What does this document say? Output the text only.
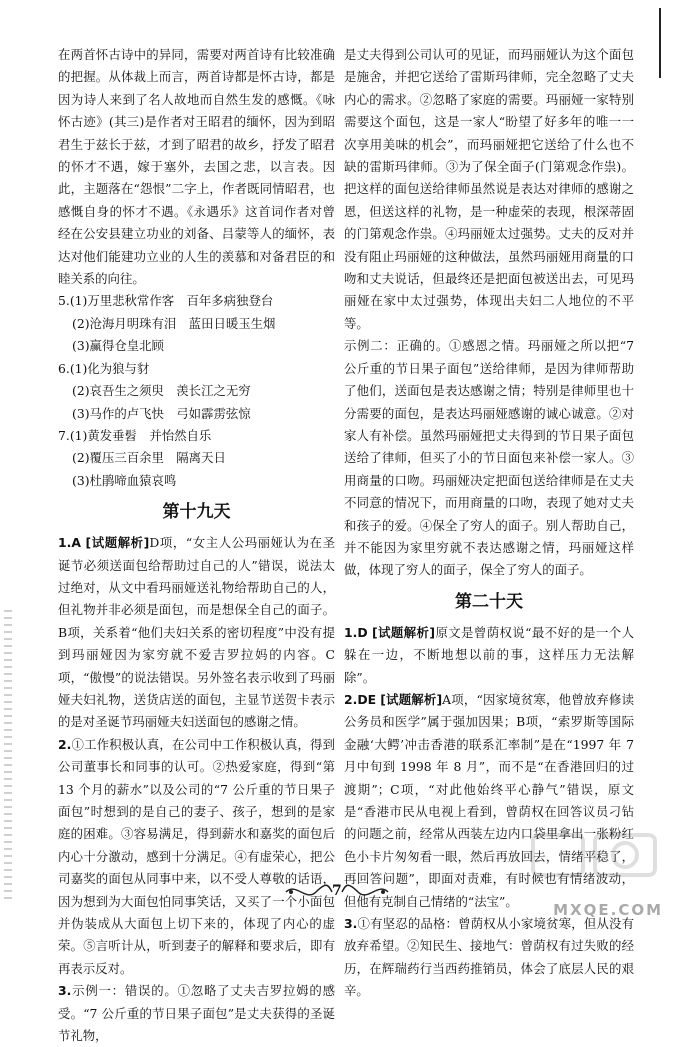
在两首怀古诗中的异同，需要对两首诗有比较准确的把握。从体裁上而言，两首诗都是怀古诗，都是因为诗人来到了名人故地而自然生发的感慨。《咏怀古迹》(其三)是作者对王昭君的缅怀，因为到昭君生于兹长于兹，才到了昭君的故乡，抒发了昭君的怀才不遇，嫁于塞外，去国之悲，以言表。因此，主题落在“怨恨”二字上，作者既同情昭君，也感慨自身的怀才不遇。《永遇乐》这首词作者对曾经在公安县建立功业的刘备、吕蒙等人的缅怀，表达对他们能建功立业的人生的羡慕和对备君臣的和睦关系的向往。

5.(1)万里悲秋常作客　百年多病独登台

(2)沧海月明珠有泪　蓝田日暖玉生烟

(3)赢得仓皇北顾

6.(1)化为狼与豺

(2)哀吾生之须臾　羡长江之无穷

(3)马作的卢飞快　弓如霹雳弦惊

7.(1)黄发垂髫　并怡然自乐

(2)覆压三百余里　隔离天日

(3)杜鹃啼血猿哀鸣

第十九天

1.A [试题解析]D项，“女主人公玛丽娅认为在圣诞节必须送面包给帮助过自己的人”错误，说法太过绝对，从文中看玛丽娅送礼物给帮助自己的人，但礼物并非必须是面包，而是想保全自己的面子。B项，关系着“他们夫妇关系的密切程度”中没有提到玛丽娅因为家穷就不爱吉罗拉妈的内容。C项，“傲慢”的说法错误。另外签名表示收到了玛丽娅夫妇礼物，送货店送的面包，主显节送贺卡表示的是对圣诞节玛丽娅夫妇送面包的感谢之情。

2.①工作积极认真，在公司中工作积极认真，得到公司董事长和同事的认可。②热爱家庭，得到“第 13 个月的薪水”以及公司的“7 公斤重的节日果子面包”时想到的是自己的妻子、孩子，想到的是家庭的困难。③容易满足，得到薪水和嘉奖的面包后内心十分激动，感到十分满足。④有虚荣心，把公司嘉奖的面包从同事中来，以不受人尊敬的话语，因为想到为大面包怕同事笑话，又买了一个小面包并伪装成从大面包上切下来的，体现了内心的虚荣。⑤言听计从，听到妻子的解释和要求后，即有再表示反对。

3.示例一：错误的。①忽略了丈夫吉罗拉姆的感受。“7 公斤重的节日果子面包”是丈夫获得的圣诞节礼物，

是丈夫得到公司认可的见证，而玛丽娅认为这个面包是施舍，并把它送给了雷斯玛律师，完全忽略了丈夫内心的需求。②忽略了家庭的需要。玛丽娅一家特别需要这个面包，这是一家人“盼望了好多年的唯一一次享用美味的机会”，而玛丽娅把它送给了什么也不缺的雷斯玛律师。③为了保全面子(门第观念作祟)。把这样的面包送给律师虽然说是表达对律师的感谢之恩，但送这样的礼物，是一种虚荣的表现，根深蒂固的门第观念作祟。④玛丽娅太过强势。丈夫的反对并没有阻止玛丽娅的这种做法，虽然玛丽娅用商量的口吻和丈夫说话，但最终还是把面包被送出去，可见玛丽娅在家中太过强势，体现出夫妇二人地位的不平等。

示例二：正确的。①感恩之情。玛丽娅之所以把“7 公斤重的节日果子面包”送给律师，是因为律师帮助了他们，送面包是表达感谢之情；特别是律师里也十分需要的面包，是表达玛丽娅感谢的诚心诚意。②对家人有补偿。虽然玛丽娅把丈夫得到的节日果子面包送给了律师，但买了小的节日面包来补偿一家人。③用商量的口吻。玛丽娅决定把面包送给律师是在丈夫不同意的情况下，而用商量的口吻，表现了她对丈夫和孩子的爱。④保全了穷人的面子。别人帮助自己，并不能因为家里穷就不表达感谢之情，玛丽娅这样做，体现了穷人的面子，保全了穷人的面子。

第二十天

1.D [试题解析]原文是曾荫权说“最不好的是一个人躲在一边，不断地想以前的事，这样压力无法解除”。

2.DE [试题解析]A项，“因家境贫寒，他曾放弃修读公务员和医学”属于强加因果；B项，“索罗斯等国际金融‘大鳄’冲击香港的联系汇率制”是在“1997 年 7 月中旬到 1998 年 8 月”，而不是“在香港回归的过渡期”；C项，“对此他始终平心静气”错误，原文是“香港市民从电视上看到，曾荫权在回答议员刁钻的问题之前，经常从西装左边内口袋里拿出一张粉红色小卡片匆匆看一眼，然后再放回去，情绪平稳了，再回答问题”，即面对责难，有时候也有情绪波动，但他有克制自己情绪的“法宝”。

3.①有坚忍的品格：曾荫权从小家境贫寒，但从没有放弃希望。②知民生、接地气：曾荫权有过失败的经历，在辉瑞药行当西药推销员，体会了底层人民的艰辛。

7
MXQE.COM
